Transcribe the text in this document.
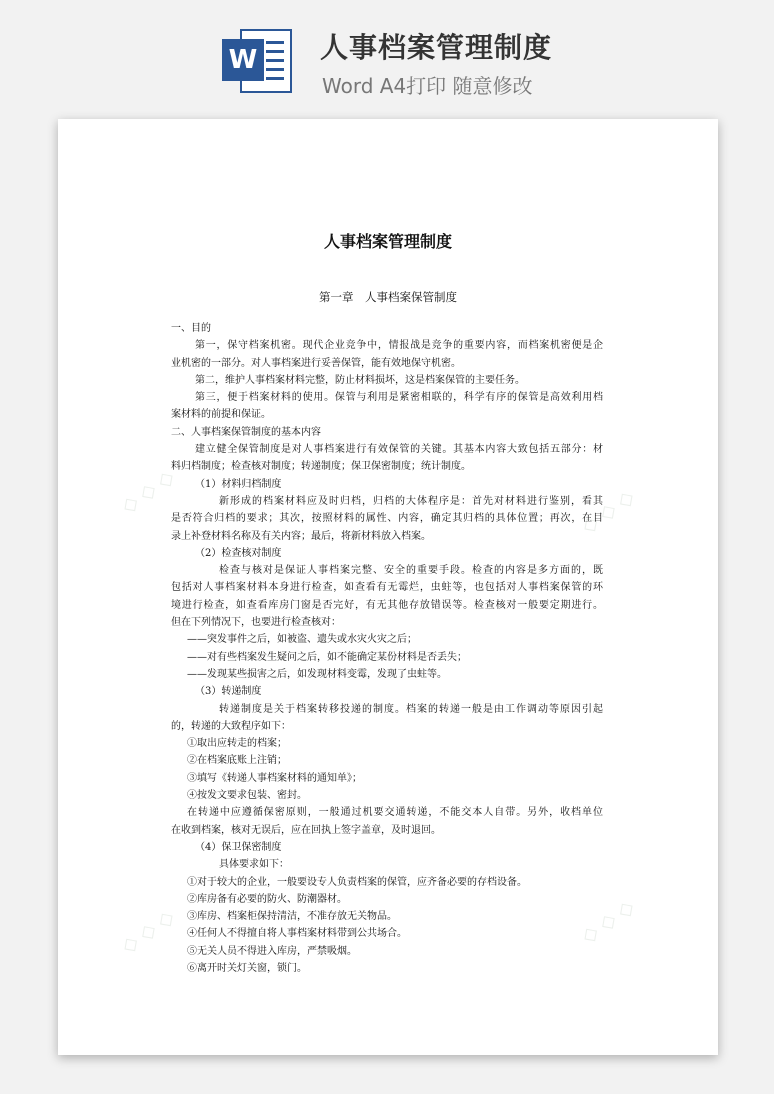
W 人事档案管理制度
Word A4打印 随意修改
◇ ◇ ◇	◇ ◇ ◇
◇ ◇ ◇	◇ ◇ ◇
人事档案管理制度
第一章　人事档案保管制度
一、目的
第一，保守档案机密。现代企业竞争中，情报战是竞争的重要内容，而档案机密便是企
业机密的一部分。对人事档案进行妥善保管，能有效地保守机密。
第二，维护人事档案材料完整，防止材料损坏，这是档案保管的主要任务。
第三，便于档案材料的使用。保管与利用是紧密相联的，科学有序的保管是高效利用档
案材料的前提和保证。
二、人事档案保管制度的基本内容
建立健全保管制度是对人事档案进行有效保管的关键。其基本内容大致包括五部分：材
料归档制度；检查核对制度；转递制度；保卫保密制度；统计制度。
（1）材料归档制度
新形成的档案材料应及时归档，归档的大体程序是：首先对材料进行鉴别，看其
是否符合归档的要求；其次，按照材料的属性、内容，确定其归档的具体位置；再次，在目
录上补登材料名称及有关内容；最后，将新材料放入档案。
（2）检查核对制度
检查与核对是保证人事档案完整、安全的重要手段。检查的内容是多方面的，既
包括对人事档案材料本身进行检查，如查看有无霉烂，虫蛀等，也包括对人事档案保管的环
境进行检查，如查看库房门窗是否完好，有无其他存放错误等。检查核对一般要定期进行。
但在下列情况下，也要进行检查核对：
——突发事件之后，如被盗、遗失或水灾火灾之后；
——对有些档案发生疑问之后，如不能确定某份材料是否丢失；
——发现某些损害之后，如发现材料变霉，发现了虫蛀等。
（3）转递制度
转递制度是关于档案转移投递的制度。档案的转递一般是由工作调动等原因引起
的，转递的大致程序如下：
①取出应转走的档案；
②在档案底账上注销；
③填写《转递人事档案材料的通知单》；
④按发文要求包装、密封。
在转递中应遵循保密原则，一般通过机要交通转递，不能交本人自带。另外，收档单位
在收到档案，核对无误后，应在回执上签字盖章，及时退回。
（4）保卫保密制度
具体要求如下：
①对于较大的企业，一般要设专人负责档案的保管，应齐备必要的存档设备。
②库房备有必要的防火、防潮器材。
③库房、档案柜保持清洁，不准存放无关物品。
④任何人不得擅自将人事档案材料带到公共场合。
⑤无关人员不得进入库房，严禁吸烟。
⑥离开时关灯关窗，锁门。
